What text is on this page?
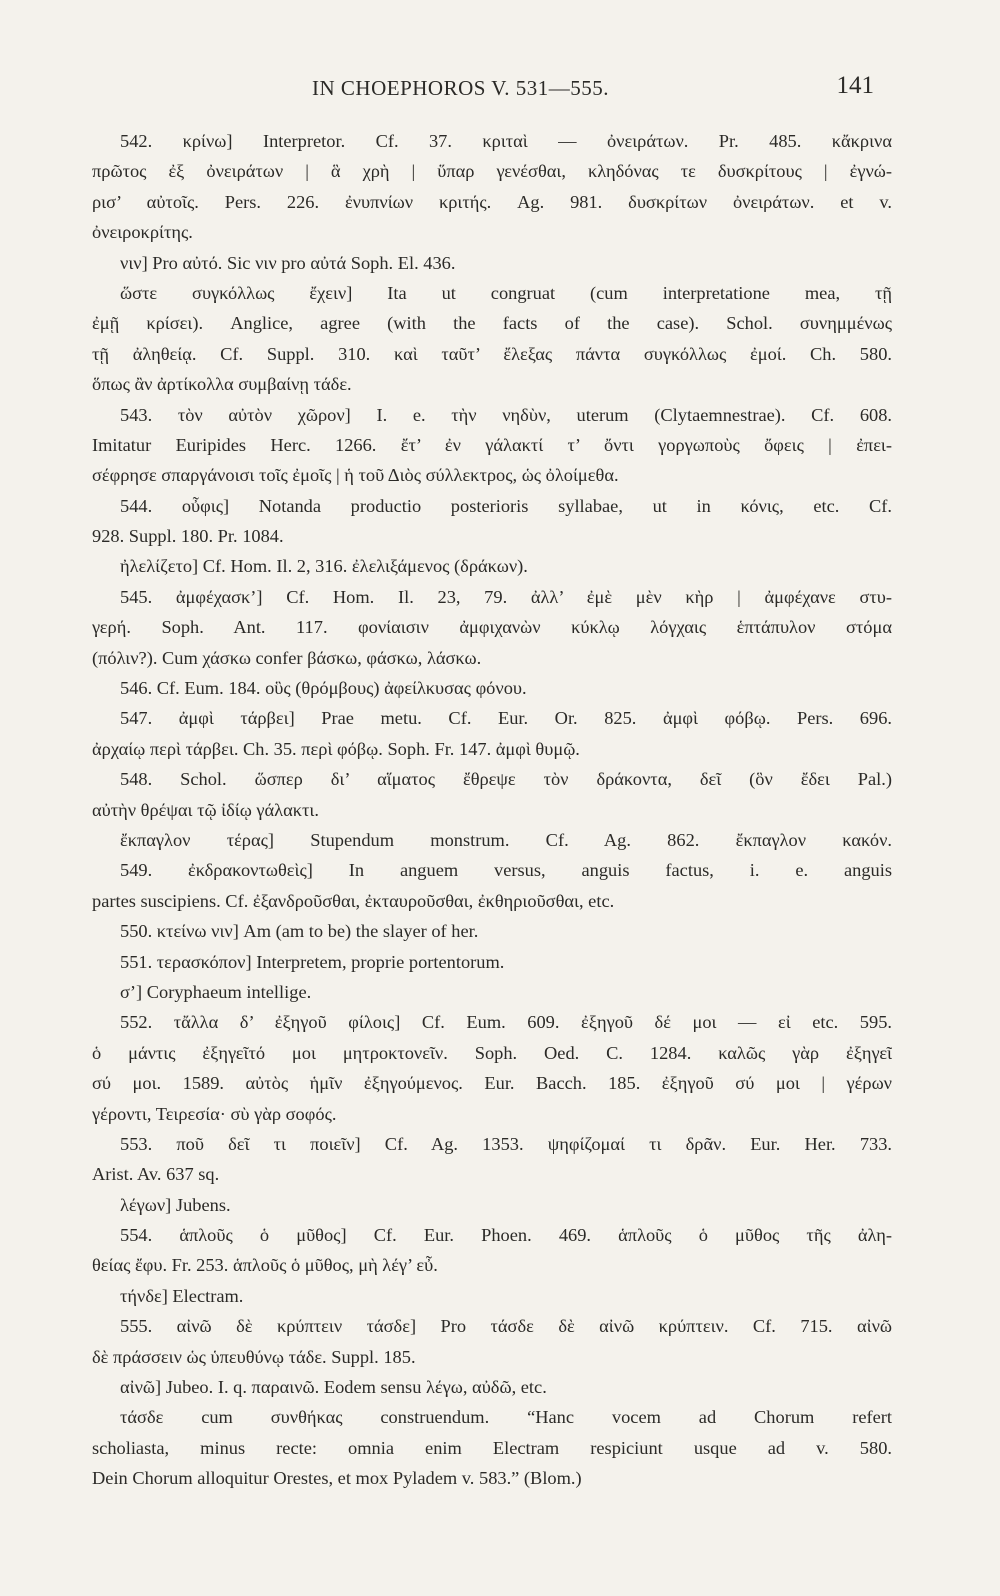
IN CHOEPHOROS V. 531—555.	141
542. κρίνω] Interpretor. Cf. 37. κριταὶ — ὀνειράτων. Pr. 485. κἄκρινα
πρῶτος ἐξ ὀνειράτων | ἃ χρὴ | ὕπαρ γενέσθαι, κληδόνας τε δυσκρίτους | ἐγνώ-
ρισ’ αὐτοῖς. Pers. 226. ἐνυπνίων κριτής. Ag. 981. δυσκρίτων ὀνειράτων. et v.
ὀνειροκρίτης.
νιν] Pro αὐτό. Sic νιν pro αὐτά Soph. El. 436.
ὥστε συγκόλλως ἔχειν] Ita ut congruat (cum interpretatione mea, τῇ
ἐμῇ κρίσει). Anglice, agree (with the facts of the case). Schol. συνημμένως
τῇ ἀληθείᾳ. Cf. Suppl. 310. καὶ ταῦτ’ ἔλεξας πάντα συγκόλλως ἐμοί. Ch. 580.
ὅπως ἂν ἀρτίκολλα συμβαίνῃ τάδε.
543. τὸν αὐτὸν χῶρον] I. e. τὴν νηδὺν, uterum (Clytaemnestrae). Cf. 608.
Imitatur Euripides Herc. 1266. ἔτ’ ἐν γάλακτί τ’ ὄντι γοργωποὺς ὄφεις | ἐπει-
σέφρησε σπαργάνοισι τοῖς ἐμοῖς | ἡ τοῦ Διὸς σύλλεκτρος, ὡς ὀλοίμεθα.
544. οὖφις] Notanda productio posterioris syllabae, ut in κόνις, etc. Cf.
928. Suppl. 180. Pr. 1084.
ἠλελίζετο] Cf. Hom. Il. 2, 316. ἐλελιξάμενος (δράκων).
545. ἀμφέχασκ’] Cf. Hom. Il. 23, 79. ἀλλ’ ἐμὲ μὲν κὴρ | ἀμφέχανε στυ-
γερή. Soph. Ant. 117. φονίαισιν ἀμφιχανὼν κύκλῳ λόγχαις ἑπτάπυλον στόμα
(πόλιν?). Cum χάσκω confer βάσκω, φάσκω, λάσκω.
546. Cf. Eum. 184. οὓς (θρόμβους) ἀφείλκυσας φόνου.
547. ἀμφὶ τάρβει] Prae metu. Cf. Eur. Or. 825. ἀμφὶ φόβῳ. Pers. 696.
ἀρχαίῳ περὶ τάρβει. Ch. 35. περὶ φόβῳ. Soph. Fr. 147. ἀμφὶ θυμῷ.
548. Schol. ὥσπερ δι’ αἵματος ἔθρεψε τὸν δράκοντα, δεῖ (ὃν ἔδει Pal.)
αὐτὴν θρέψαι τῷ ἰδίῳ γάλακτι.
ἔκπαγλον τέρας] Stupendum monstrum. Cf. Ag. 862. ἔκπαγλον κακόν.
549. ἐκδρακοντωθεὶς] In anguem versus, anguis factus, i. e. anguis
partes suscipiens. Cf. ἐξανδροῦσθαι, ἐκταυροῦσθαι, ἐκθηριοῦσθαι, etc.
550. κτείνω νιν] Am (am to be) the slayer of her.
551. τερασκόπον] Interpretem, proprie portentorum.
σ’] Coryphaeum intellige.
552. τἄλλα δ’ ἐξηγοῦ φίλοις] Cf. Eum. 609. ἐξηγοῦ δέ μοι — εἰ etc. 595.
ὁ μάντις ἐξηγεῖτό μοι μητροκτονεῖν. Soph. Oed. C. 1284. καλῶς γὰρ ἐξηγεῖ
σύ μοι. 1589. αὐτὸς ἡμῖν ἐξηγούμενος. Eur. Bacch. 185. ἐξηγοῦ σύ μοι | γέρων
γέροντι, Τειρεσία· σὺ γὰρ σοφός.
553. ποῦ δεῖ τι ποιεῖν] Cf. Ag. 1353. ψηφίζομαί τι δρᾶν. Eur. Her. 733.
Arist. Av. 637 sq.
λέγων] Jubens.
554. ἁπλοῦς ὁ μῦθος] Cf. Eur. Phoen. 469. ἁπλοῦς ὁ μῦθος τῆς ἀλη-
θείας ἔφυ. Fr. 253. ἁπλοῦς ὁ μῦθος, μὴ λέγ’ εὖ.
τήνδε] Electram.
555. αἰνῶ δὲ κρύπτειν τάσδε] Pro τάσδε δὲ αἰνῶ κρύπτειν. Cf. 715. αἰνῶ
δὲ πράσσειν ὡς ὑπευθύνῳ τάδε. Suppl. 185.
αἰνῶ] Jubeo. I. q. παραινῶ. Eodem sensu λέγω, αὐδῶ, etc.
τάσδε cum συνθήκας construendum. “Hanc vocem ad Chorum refert
scholiasta, minus recte: omnia enim Electram respiciunt usque ad v. 580.
Dein Chorum alloquitur Orestes, et mox Pyladem v. 583.” (Blom.)
